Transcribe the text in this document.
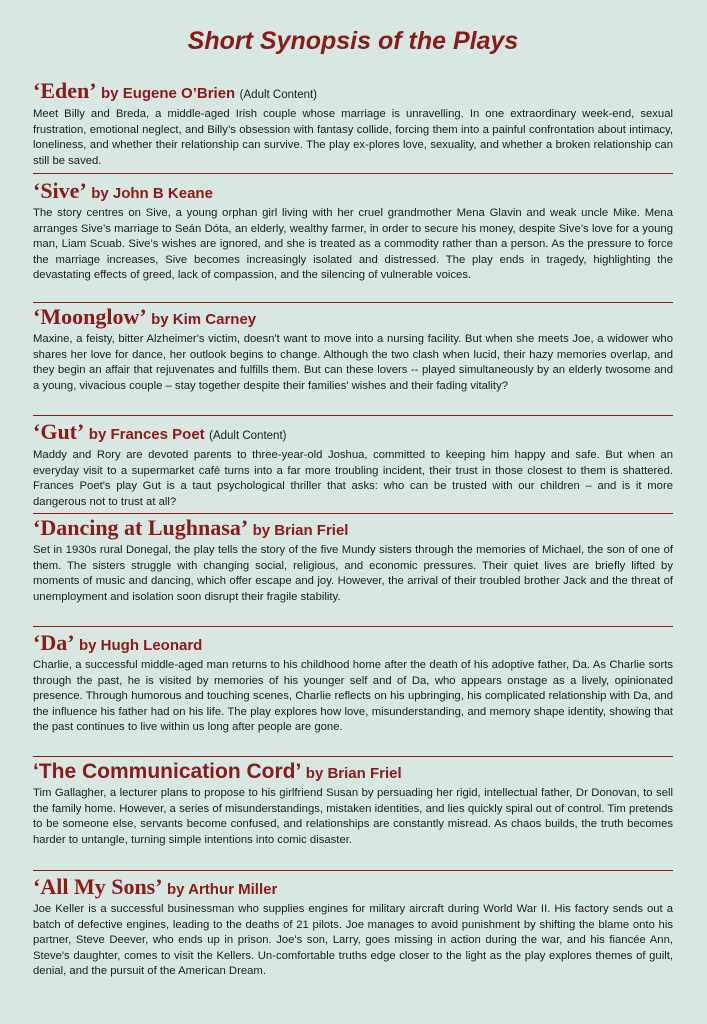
Short Synopsis of the Plays

‘Eden’ by Eugene O’Brien (Adult Content)

Meet Billy and Breda, a middle-aged Irish couple whose marriage is unravelling. In one extraordinary week-end, sexual frustration, emotional neglect, and Billy’s obsession with fantasy collide, forcing them into a painful confrontation about intimacy, loneliness, and whether their relationship can survive. The play ex-plores love, sexuality, and whether a broken relationship can still be saved.

‘Sive’ by John B Keane

The story centres on Sive, a young orphan girl living with her cruel grandmother Mena Glavin and weak uncle Mike. Mena arranges Sive’s marriage to Seán Dóta, an elderly, wealthy farmer, in order to secure his money, despite Sive’s love for a young man, Liam Scuab. Sive’s wishes are ignored, and she is treated as a commodity rather than a person. As the pressure to force the marriage increases, Sive becomes increasingly isolated and distressed. The play ends in tragedy, highlighting the devastating effects of greed, lack of compassion, and the silencing of vulnerable voices.

‘Moonglow’ by Kim Carney

Maxine, a feisty, bitter Alzheimer's victim, doesn't want to move into a nursing facility. But when she meets Joe, a widower who shares her love for dance, her outlook begins to change. Although the two clash when lucid, their hazy memories overlap, and they begin an affair that rejuvenates and fulfills them. But can these lovers -- played simultaneously by an elderly twosome and a young, vivacious couple – stay together despite their families' wishes and their fading vitality?

‘Gut’ by Frances Poet (Adult Content)

Maddy and Rory are devoted parents to three-year-old Joshua, committed to keeping him happy and safe. But when an everyday visit to a supermarket café turns into a far more troubling incident, their trust in those closest to them is shattered. Frances Poet's play Gut is a taut psychological thriller that asks: who can be trusted with our children – and is it more dangerous not to trust at all?

‘Dancing at Lughnasa’ by Brian Friel

Set in 1930s rural Donegal, the play tells the story of the five Mundy sisters through the memories of Michael, the son of one of them. The sisters struggle with changing social, religious, and economic pressures. Their quiet lives are briefly lifted by moments of music and dancing, which offer escape and joy. However, the arrival of their troubled brother Jack and the threat of unemployment and isolation soon disrupt their fragile stability.

‘Da’ by Hugh Leonard

Charlie, a successful middle-aged man returns to his childhood home after the death of his adoptive father, Da. As Charlie sorts through the past, he is visited by memories of his younger self and of Da, who appears onstage as a lively, opinionated presence. Through humorous and touching scenes, Charlie reflects on his upbringing, his complicated relationship with Da, and the influence his father had on his life. The play explores how love, misunderstanding, and memory shape identity, showing that the past continues to live within us long after people are gone.

‘The Communication Cord’ by Brian Friel

Tim Gallagher, a lecturer plans to propose to his girlfriend Susan by persuading her rigid, intellectual father, Dr Donovan, to sell the family home. However, a series of misunderstandings, mistaken identities, and lies quickly spiral out of control. Tim pretends to be someone else, servants become confused, and relationships are constantly misread. As chaos builds, the truth becomes harder to untangle, turning simple intentions into comic disaster.

‘All My Sons’ by Arthur Miller

Joe Keller is a successful businessman who supplies engines for military aircraft during World War II. His factory sends out a batch of defective engines, leading to the deaths of 21 pilots. Joe manages to avoid punishment by shifting the blame onto his partner, Steve Deever, who ends up in prison. Joe's son, Larry, goes missing in action during the war, and his fiancée Ann, Steve's daughter, comes to visit the Kellers. Un-comfortable truths edge closer to the light as the play explores themes of guilt, denial, and the pursuit of the American Dream.
